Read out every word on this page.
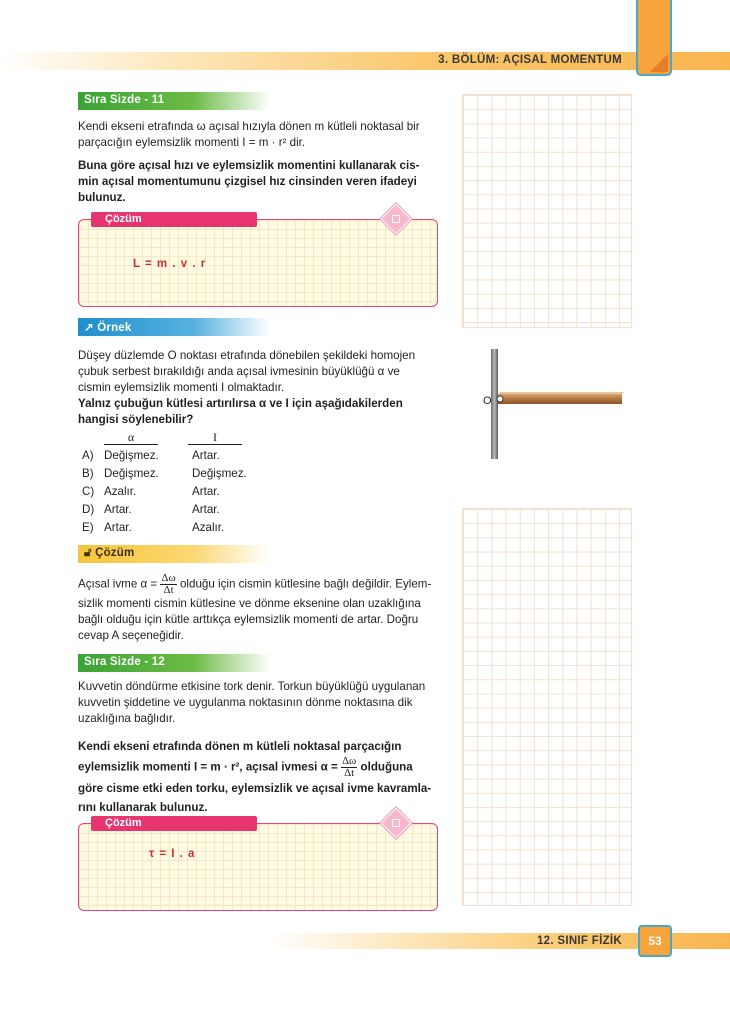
3. BÖLÜM: AÇISAL MOMENTUM
Sıra Sizde - 11
Kendi ekseni etrafında ω açısal hızıyla dönen m kütleli noktasal bir
parçacığın eylemsizlik momenti I = m · r² dir.
Buna göre açısal hızı ve eylemsizlik momentini kullanarak cis-
min açısal momentumunu çizgisel hız cinsinden veren ifadeyi
bulunuz.
Çözüm
L = m . v . r
↗︎ Örnek
Düşey düzlemde O noktası etrafında dönebilen şekildeki homojen
çubuk serbest bırakıldığı anda açısal ivmesinin büyüklüğü α ve
cismin eylemsizlik momenti I olmaktadır.
Yalnız çubuğun kütlesi artırılırsa α ve I için aşağıdakilerden
hangisi söylenebilir?
α	I
A) Değişmez.	Artar.
B) Değişmez.	Değişmez.
C) Azalır.	Artar.
D) Artar.	Artar.
E) Artar.	Azalır.
O
🔓︎ Çözüm
Açısal ivme $\alpha = \frac{\Delta\omega}{\Delta t}$ olduğu için cismin kütlesine bağlı değildir. Eylem-
sizlik momenti cismin kütlesine ve dönme eksenine olan uzaklığına
bağlı olduğu için kütle arttıkça eylemsizlik momenti de artar. Doğru
cevap A seçeneğidir.
Sıra Sizde - 12
Kuvvetin döndürme etkisine tork denir. Torkun büyüklüğü uygulanan
kuvvetin şiddetine ve uygulanma noktasının dönme noktasına dik
uzaklığına bağlıdır.
Kendi ekseni etrafında dönen m kütleli noktasal parçacığın
eylemsizlik momenti I = m · r², açısal ivmesi $\alpha = \frac{\Delta\omega}{\Delta t}$ olduğuna
göre cisme etki eden torku, eylemsizlik ve açısal ivme kavramla-
rını kullanarak bulunuz.
Çözüm
τ = I . a
12. SINIF FİZİK	53
